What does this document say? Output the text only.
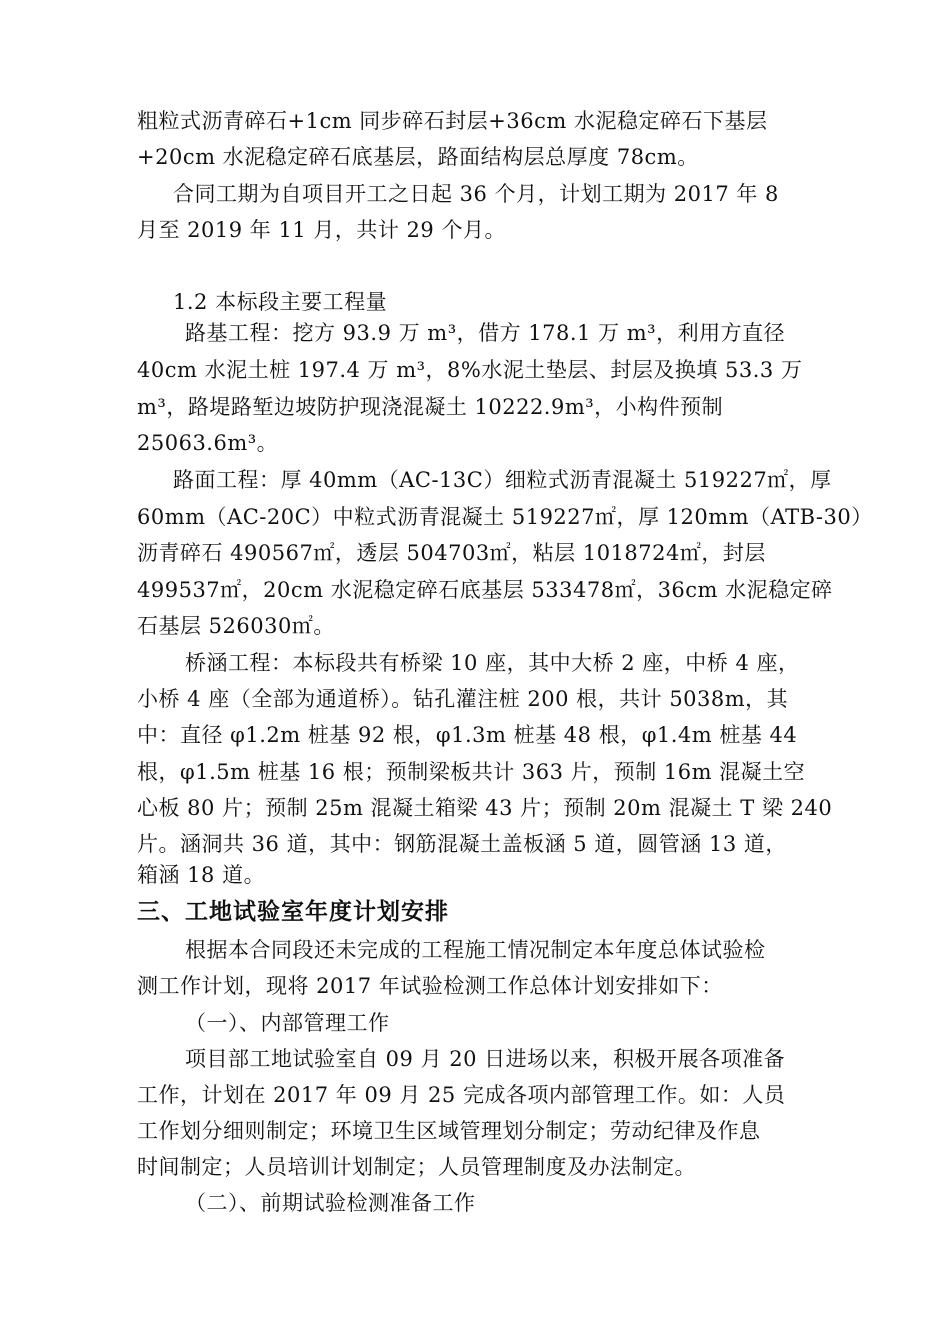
粗粒式沥青碎石+1cm 同步碎石封层+36cm 水泥稳定碎石下基层
+20cm 水泥稳定碎石底基层，路面结构层总厚度 78cm。
合同工期为自项目开工之日起 36 个月，计划工期为 2017 年 8
月至 2019 年 11 月，共计 29 个月。
1.2 本标段主要工程量
路基工程：挖方 93.9 万 m³，借方 178.1 万 m³，利用方直径
40cm 水泥土桩 197.4 万 m³，8%水泥土垫层、封层及换填 53.3 万
m³，路堤路堑边坡防护现浇混凝土 10222.9m³，小构件预制
25063.6m³。
路面工程：厚 40mm（AC-13C）细粒式沥青混凝土 519227㎡，厚
60mm（AC-20C）中粒式沥青混凝土 519227㎡，厚 120mm（ATB-30）
沥青碎石 490567㎡，透层 504703㎡，粘层 1018724㎡，封层
499537㎡，20cm 水泥稳定碎石底基层 533478㎡，36cm 水泥稳定碎
石基层 526030㎡。
桥涵工程：本标段共有桥梁 10 座，其中大桥 2 座，中桥 4 座，
小桥 4 座（全部为通道桥）。钻孔灌注桩 200 根，共计 5038m，其
中：直径 φ1.2m 桩基 92 根，φ1.3m 桩基 48 根，φ1.4m 桩基 44
根，φ1.5m 桩基 16 根；预制梁板共计 363 片，预制 16m 混凝土空
心板 80 片；预制 25m 混凝土箱梁 43 片；预制 20m 混凝土 T 梁 240
片。涵洞共 36 道，其中：钢筋混凝土盖板涵 5 道，圆管涵 13 道，
箱涵 18 道。
三、工地试验室年度计划安排
根据本合同段还未完成的工程施工情况制定本年度总体试验检
测工作计划，现将 2017 年试验检测工作总体计划安排如下：
（一）、内部管理工作
项目部工地试验室自 09 月 20 日进场以来，积极开展各项准备
工作，计划在 2017 年 09 月 25 完成各项内部管理工作。如：人员
工作划分细则制定；环境卫生区域管理划分制定；劳动纪律及作息
时间制定；人员培训计划制定；人员管理制度及办法制定。
（二）、前期试验检测准备工作
